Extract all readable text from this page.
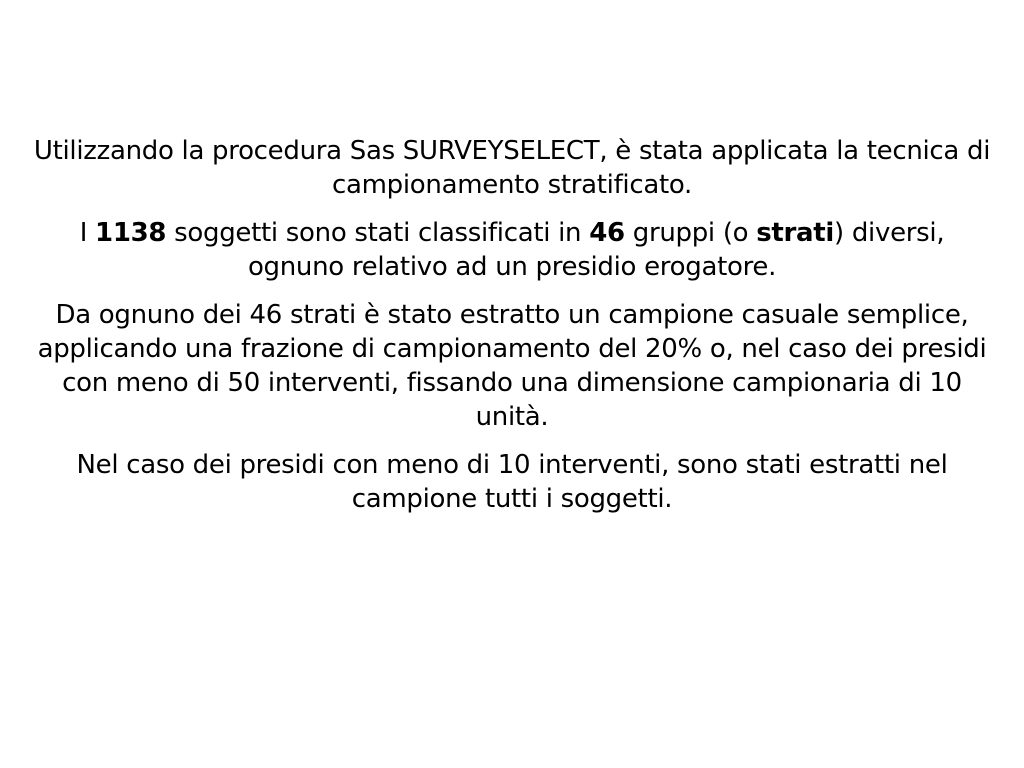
Utilizzando la procedura Sas SURVEYSELECT, è stata applicata la tecnica di campionamento stratificato.

I 1138 soggetti sono stati classificati in 46 gruppi (o strati) diversi, ognuno relativo ad un presidio erogatore.

Da ognuno dei 46 strati è stato estratto un campione casuale semplice, applicando una frazione di campionamento del 20% o, nel caso dei presidi con meno di 50 interventi, fissando una dimensione campionaria di 10 unità.

Nel caso dei presidi con meno di 10 interventi, sono stati estratti nel campione tutti i soggetti.
